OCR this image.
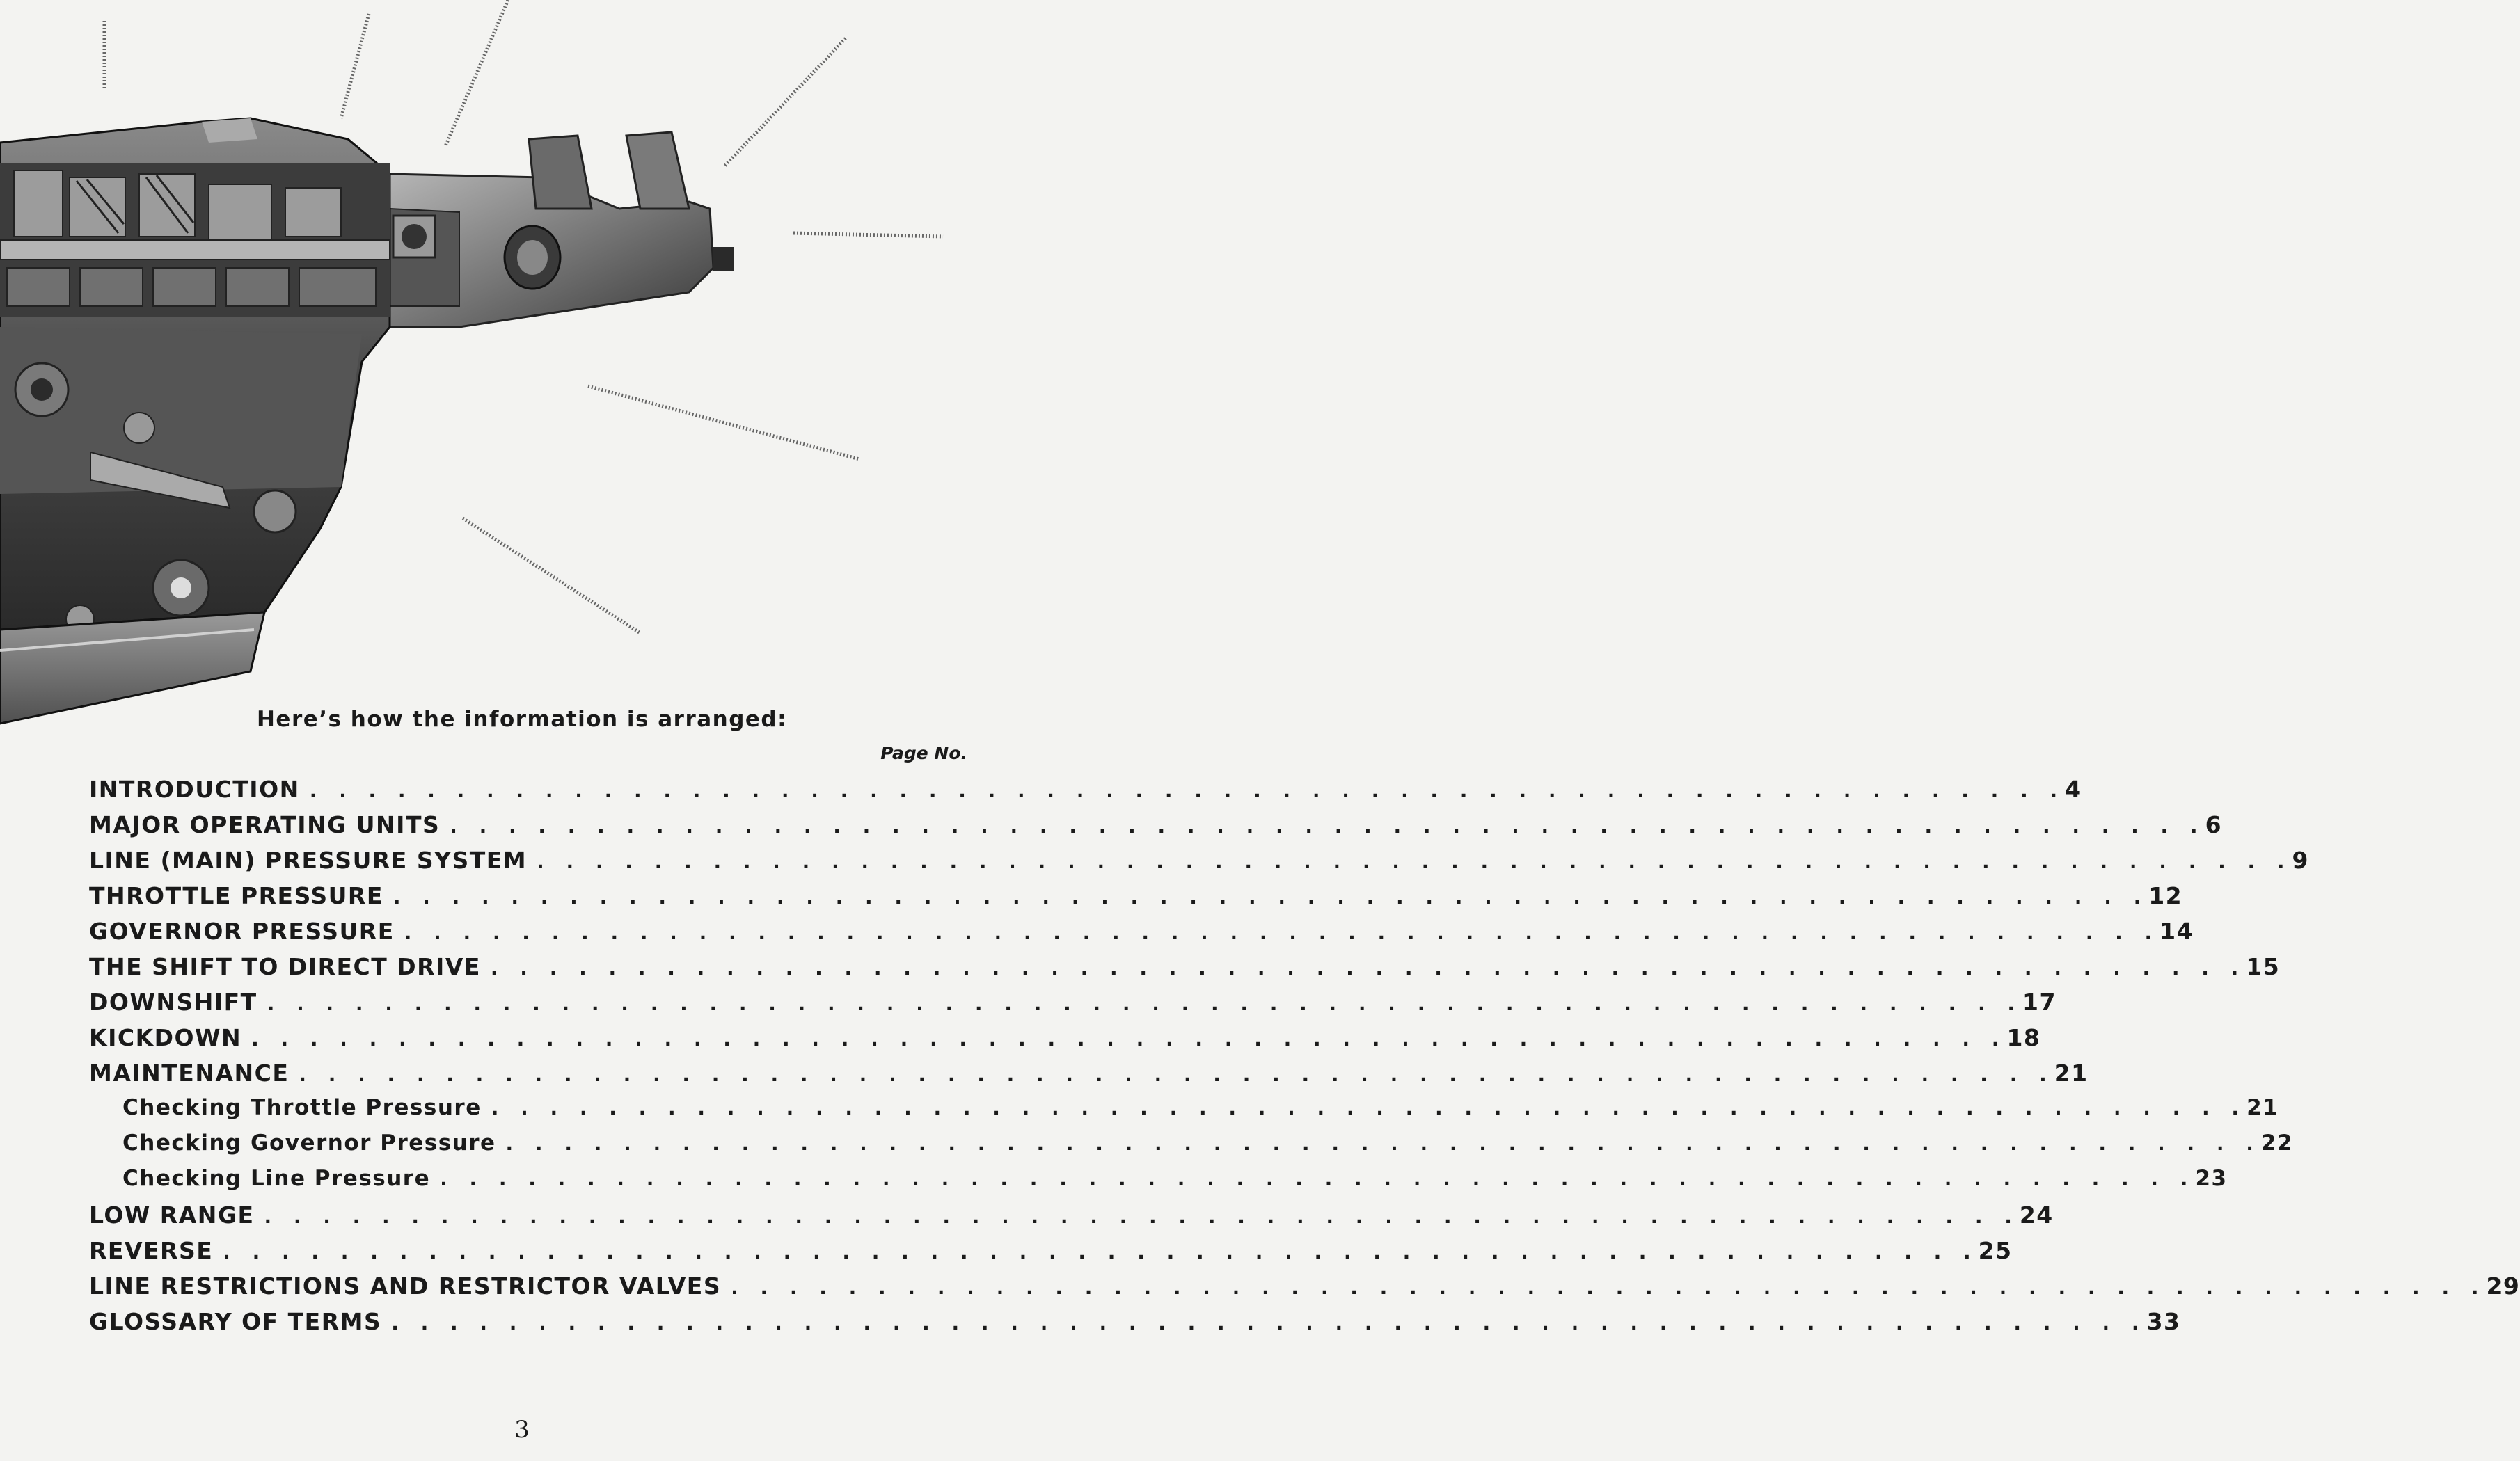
Here’s how the information is arranged:
Page No.
INTRODUCTION . . . . . . . . . . . . . . . . . . . . . . . . . . . . . . . . . . . . . . . . . . . . . . . . . . . . . . . . . . . . 4
MAJOR OPERATING UNITS . . . . . . . . . . . . . . . . . . . . . . . . . . . . . . . . . . . . . . . . . . . . . . . . . . . . . . . . . . . . 6
LINE (MAIN) PRESSURE SYSTEM . . . . . . . . . . . . . . . . . . . . . . . . . . . . . . . . . . . . . . . . . . . . . . . . . . . . . . . . . . . . 9
THROTTLE PRESSURE . . . . . . . . . . . . . . . . . . . . . . . . . . . . . . . . . . . . . . . . . . . . . . . . . . . . . . . . . . . . 12
GOVERNOR PRESSURE . . . . . . . . . . . . . . . . . . . . . . . . . . . . . . . . . . . . . . . . . . . . . . . . . . . . . . . . . . . . 14
THE SHIFT TO DIRECT DRIVE . . . . . . . . . . . . . . . . . . . . . . . . . . . . . . . . . . . . . . . . . . . . . . . . . . . . . . . . . . . . 15
DOWNSHIFT . . . . . . . . . . . . . . . . . . . . . . . . . . . . . . . . . . . . . . . . . . . . . . . . . . . . . . . . . . . . 17
KICKDOWN . . . . . . . . . . . . . . . . . . . . . . . . . . . . . . . . . . . . . . . . . . . . . . . . . . . . . . . . . . . . 18
MAINTENANCE . . . . . . . . . . . . . . . . . . . . . . . . . . . . . . . . . . . . . . . . . . . . . . . . . . . . . . . . . . . . 21
Checking Throttle Pressure . . . . . . . . . . . . . . . . . . . . . . . . . . . . . . . . . . . . . . . . . . . . . . . . . . . . . . . . . . . . 21
Checking Governor Pressure . . . . . . . . . . . . . . . . . . . . . . . . . . . . . . . . . . . . . . . . . . . . . . . . . . . . . . . . . . . . 22
Checking Line Pressure . . . . . . . . . . . . . . . . . . . . . . . . . . . . . . . . . . . . . . . . . . . . . . . . . . . . . . . . . . . . 23
LOW RANGE . . . . . . . . . . . . . . . . . . . . . . . . . . . . . . . . . . . . . . . . . . . . . . . . . . . . . . . . . . . . 24
REVERSE . . . . . . . . . . . . . . . . . . . . . . . . . . . . . . . . . . . . . . . . . . . . . . . . . . . . . . . . . . . . 25
LINE RESTRICTIONS AND RESTRICTOR VALVES . . . . . . . . . . . . . . . . . . . . . . . . . . . . . . . . . . . . . . . . . . . . . . . . . . . . . . . . . . . . 29
GLOSSARY OF TERMS . . . . . . . . . . . . . . . . . . . . . . . . . . . . . . . . . . . . . . . . . . . . . . . . . . . . . . . . . . . . 33
3
